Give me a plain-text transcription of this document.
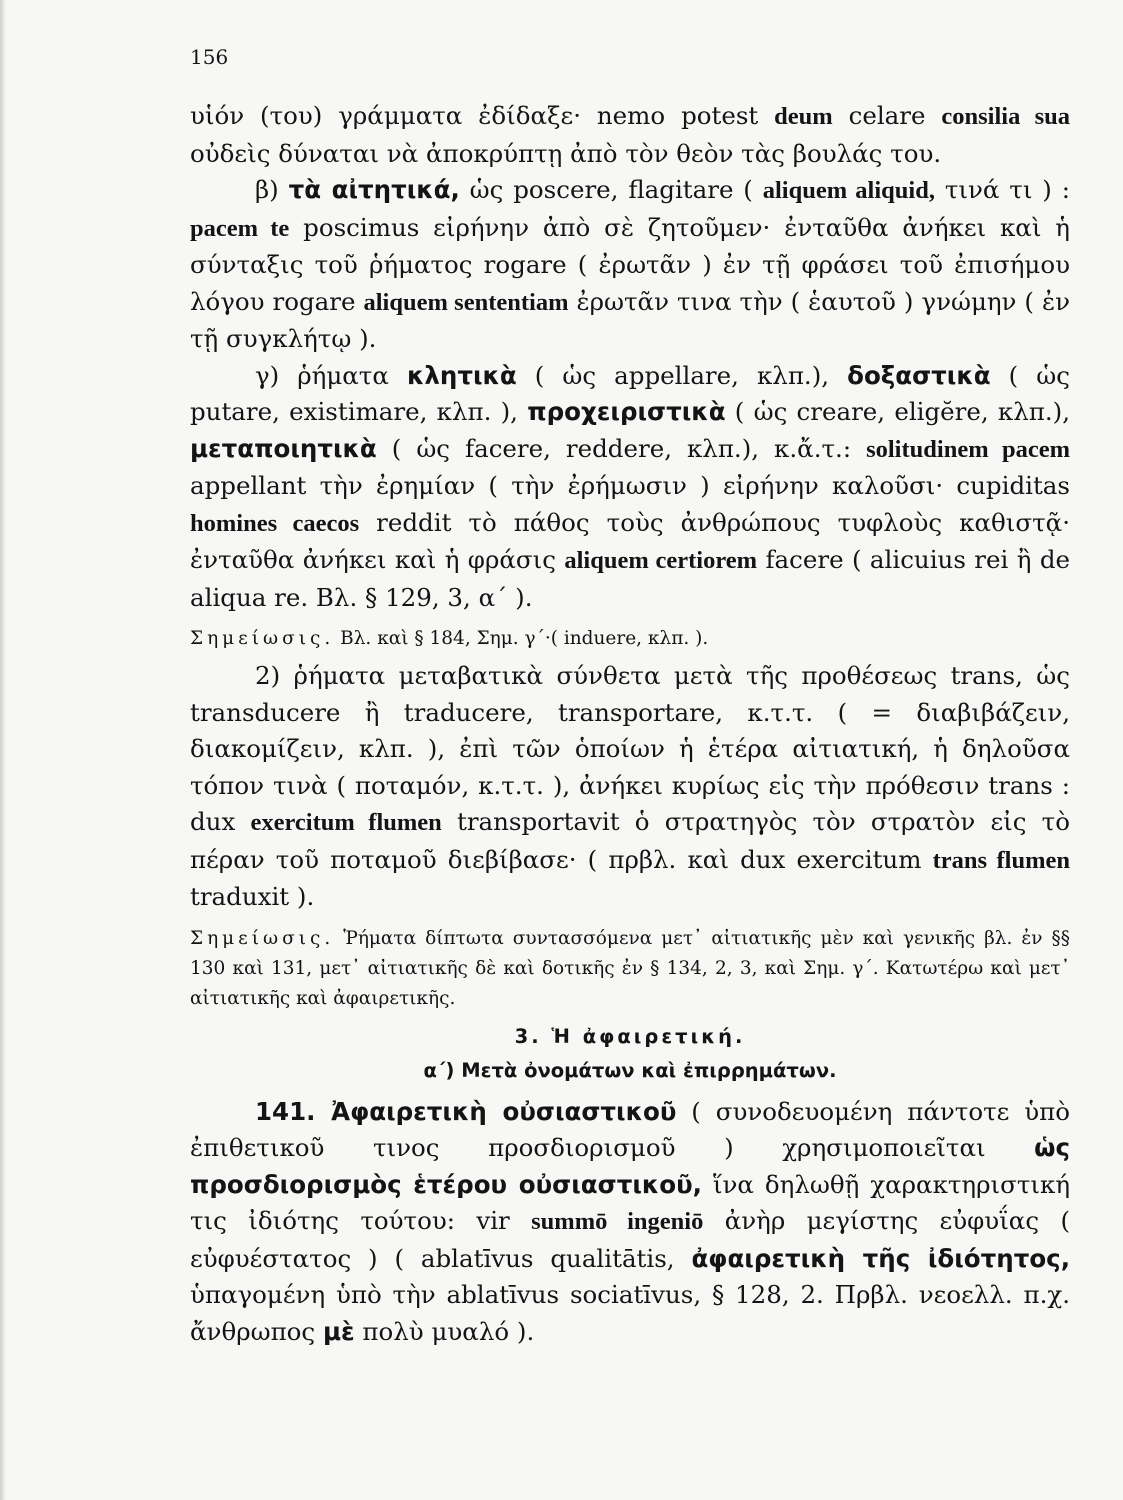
156

υἱόν (του) γράμματα ἐδίδαξε· nemo potest deum celare consilia sua οὐδεὶς δύναται νὰ ἀποκρύπτῃ ἀπὸ τὸν θεὸν τὰς βουλάς του.

β) τὰ αἰτητικά, ὡς poscere, flagitare ( aliquem aliquid, τινά τι ) : pacem te poscimus εἰρήνην ἀπὸ σὲ ζητοῦμεν· ἐνταῦθα ἀνήκει καὶ ἡ σύνταξις τοῦ ῥήματος rogare ( ἐρωτᾶν ) ἐν τῇ φράσει τοῦ ἐπισήμου λόγου rogare aliquem sententiam ἐρωτᾶν τινα τὴν ( ἑαυτοῦ ) γνώμην ( ἐν τῇ συγκλήτῳ ).

γ) ῥήματα κλητικὰ ( ὡς appellare, κλπ.), δοξαστικὰ ( ὡς putare, existimare, κλπ. ), προχειριστικὰ ( ὡς creare, eligĕre, κλπ.), μεταποιητικὰ ( ὡς facere, reddere, κλπ.), κ.ἄ.τ.: solitudinem pacem appellant τὴν ἐρημίαν ( τὴν ἐρήμωσιν ) εἰρήνην καλοῦσι· cupiditas homines caecos reddit τὸ πάθος τοὺς ἀνθρώπους τυφλοὺς καθιστᾷ· ἐνταῦθα ἀνήκει καὶ ἡ φράσις aliquem certiorem facere ( alicuius rei ἢ de aliqua re. Βλ. § 129, 3, α΄ ).

Σημείωσις. Βλ. καὶ § 184, Σημ. γ΄·( induere, κλπ. ).

2) ῥήματα μεταβατικὰ σύνθετα μετὰ τῆς προθέσεως trans, ὡς transducere ἢ traducere, transportare, κ.τ.τ. ( = διαβιβάζειν, διακομίζειν, κλπ. ), ἐπὶ τῶν ὁποίων ἡ ἑτέρα αἰτιατική, ἡ δηλοῦσα τόπον τινὰ ( ποταμόν, κ.τ.τ. ), ἀνήκει κυρίως εἰς τὴν πρόθεσιν trans : dux exercitum flumen transportavit ὁ στρατηγὸς τὸν στρατὸν εἰς τὸ πέραν τοῦ ποταμοῦ διεβίβασε· ( πρβλ. καὶ dux exercitum trans flumen traduxit ).

Σημείωσις. Ῥήματα δίπτωτα συντασσόμενα μετ᾽ αἰτιατικῆς μὲν καὶ γενικῆς βλ. ἐν §§ 130 καὶ 131, μετ᾽ αἰτιατικῆς δὲ καὶ δοτικῆς ἐν § 134, 2, 3, καὶ Σημ. γ΄. Κατωτέρω καὶ μετ᾽ αἰτιατικῆς καὶ ἀφαιρετικῆς.

3. Ἡ ἀφαιρετική.

α΄) Μετὰ ὀνομάτων καὶ ἐπιρρημάτων.

141. Ἀφαιρετικὴ οὐσιαστικοῦ ( συνοδευομένη πάντοτε ὑπὸ ἐπιθετικοῦ τινος προσδιορισμοῦ ) χρησιμοποιεῖται ὡς προσδιορισμὸς ἑτέρου οὐσιαστικοῦ, ἵνα δηλωθῇ χαρακτηριστική τις ἰδιότης τούτου: vir summō ingeniō ἀνὴρ μεγίστης εὐφυΐας ( εὐφυέστατος ) ( ablatīvus qualitātis, ἀφαιρετικὴ τῆς ἰδιότητος, ὑπαγομένη ὑπὸ τὴν ablatīvus sociatīvus, § 128, 2. Πρβλ. νεοελλ. π.χ. ἄνθρωπος μὲ πολὺ μυαλό ).
